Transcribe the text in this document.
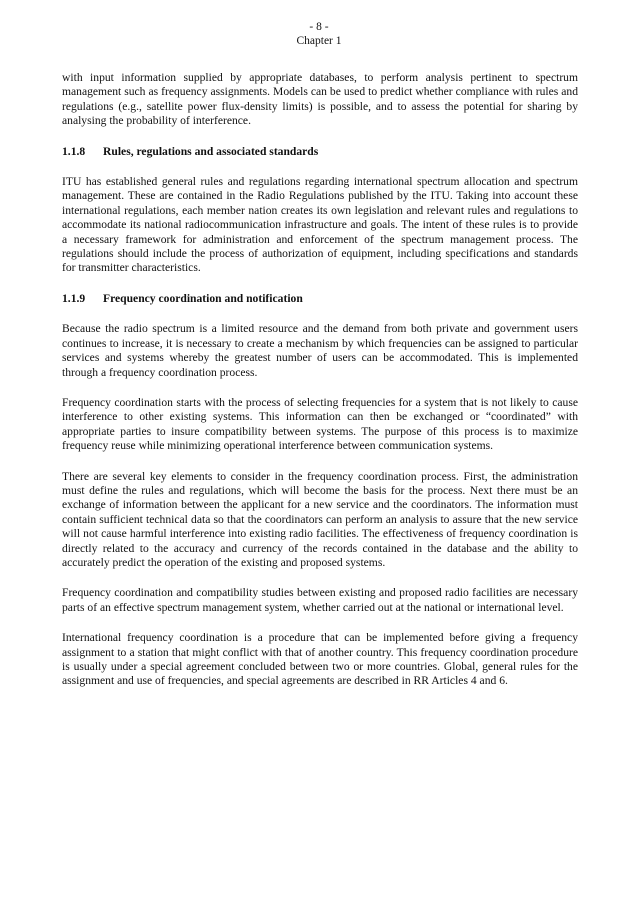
- 8 -
Chapter 1

with input information supplied by appropriate databases, to perform analysis pertinent to spectrum management such as frequency assignments. Models can be used to predict whether compliance with rules and regulations (e.g., satellite power flux-density limits) is possible, and to assess the potential for sharing by analysing the probability of interference.

1.1.8 Rules, regulations and associated standards

ITU has established general rules and regulations regarding international spectrum allocation and spectrum management. These are contained in the Radio Regulations published by the ITU. Taking into account these international regulations, each member nation creates its own legislation and relevant rules and regulations to accommodate its national radiocommunication infrastructure and goals. The intent of these rules is to provide a necessary framework for administration and enforcement of the spectrum management process. The regulations should include the process of authorization of equipment, including specifications and standards for transmitter characteristics.

1.1.9 Frequency coordination and notification

Because the radio spectrum is a limited resource and the demand from both private and government users continues to increase, it is necessary to create a mechanism by which frequencies can be assigned to particular services and systems whereby the greatest number of users can be accommodated. This is implemented through a frequency coordination process.

Frequency coordination starts with the process of selecting frequencies for a system that is not likely to cause interference to other existing systems. This information can then be exchanged or “coordinated” with appropriate parties to insure compatibility between systems. The purpose of this process is to maximize frequency reuse while minimizing operational interference between communication systems.

There are several key elements to consider in the frequency coordination process. First, the administration must define the rules and regulations, which will become the basis for the process. Next there must be an exchange of information between the applicant for a new service and the coordinators. The information must contain sufficient technical data so that the coordinators can perform an analysis to assure that the new service will not cause harmful interference into existing radio facilities. The effectiveness of frequency coordination is directly related to the accuracy and currency of the records contained in the database and the ability to accurately predict the operation of the existing and proposed systems.

Frequency coordination and compatibility studies between existing and proposed radio facilities are necessary parts of an effective spectrum management system, whether carried out at the national or international level.

International frequency coordination is a procedure that can be implemented before giving a frequency assignment to a station that might conflict with that of another country. This frequency coordination procedure is usually under a special agreement concluded between two or more countries. Global, general rules for the assignment and use of frequencies, and special agreements are described in RR Articles 4 and 6.
